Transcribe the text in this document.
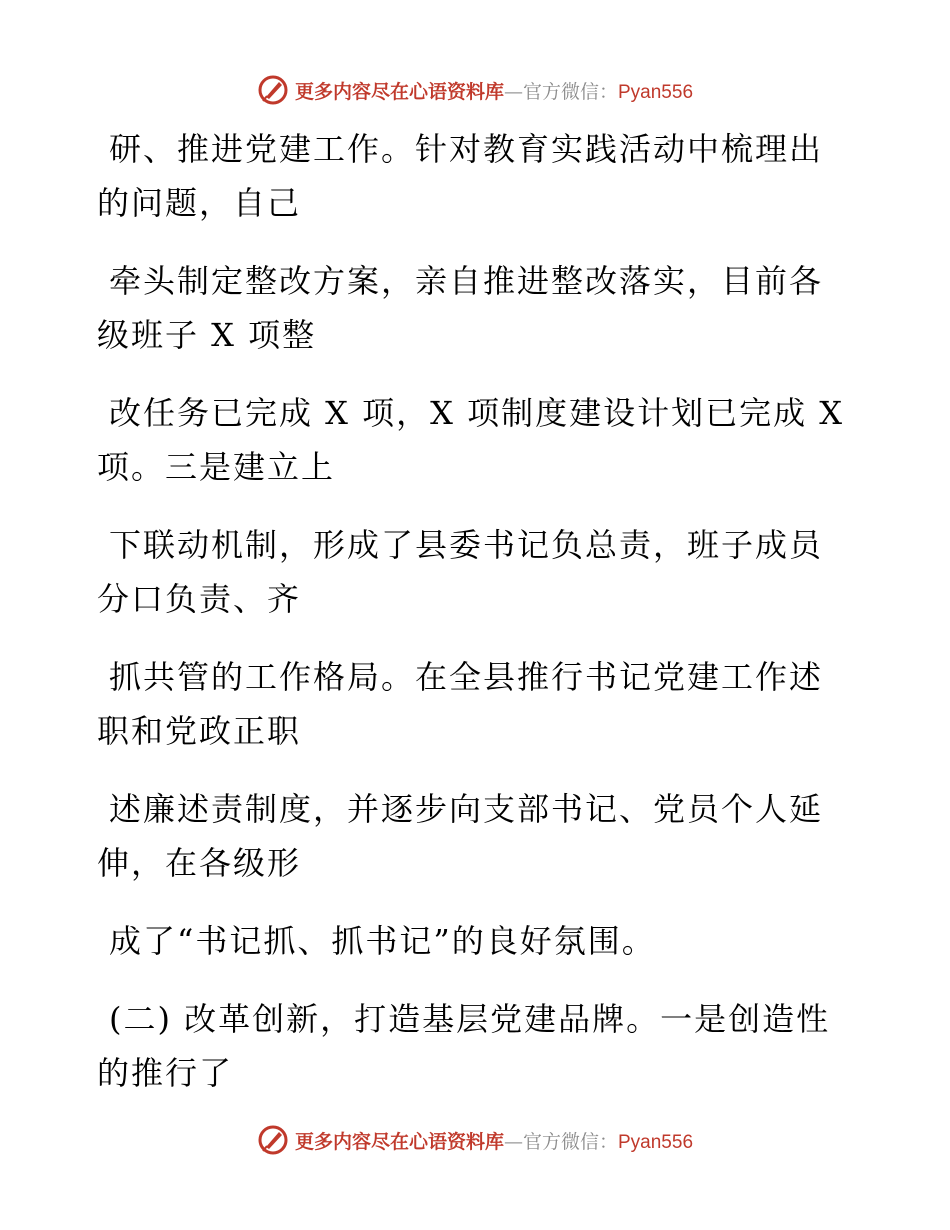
更多内容尽在心语资料库—官方微信：Pyan556

研、推进党建工作。针对教育实践活动中梳理出
的问题，自己

牵头制定整改方案，亲自推进整改落实，目前各
级班子 X 项整

改任务已完成 X 项，X 项制度建设计划已完成 X
项。三是建立上

下联动机制，形成了县委书记负总责，班子成员
分口负责、齐

抓共管的工作格局。在全县推行书记党建工作述
职和党政正职

述廉述责制度，并逐步向支部书记、党员个人延
伸，在各级形

成了“书记抓、抓书记”的良好氛围。

(二) 改革创新，打造基层党建品牌。一是创造性
的推行了

更多内容尽在心语资料库—官方微信：Pyan556
